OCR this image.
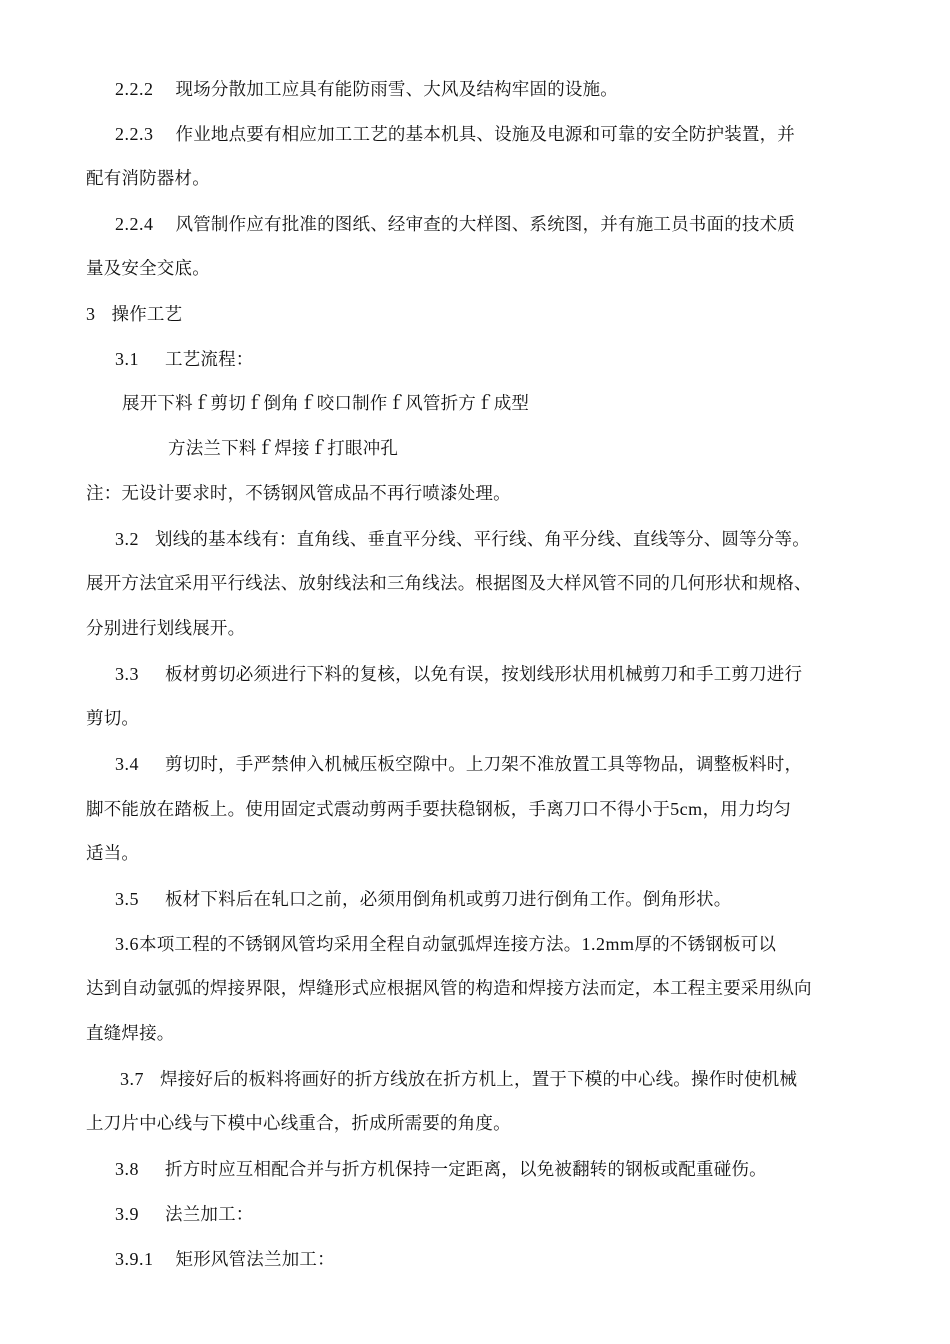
2.2.2 现场分散加工应具有能防雨雪、大风及结构牢固的设施。
2.2.3 作业地点要有相应加工工艺的基本机具、设施及电源和可靠的安全防护装置，并
配有消防器材。
2.2.4 风管制作应有批准的图纸、经审查的大样图、系统图，并有施工员书面的技术质
量及安全交底。
3 操作工艺
3.1 工艺流程：
展开下料ｆ剪切ｆ倒角ｆ咬口制作ｆ风管折方ｆ成型
方法兰下料ｆ焊接ｆ打眼冲孔
注：无设计要求时，不锈钢风管成品不再行喷漆处理。
3.2 划线的基本线有：直角线、垂直平分线、平行线、角平分线、直线等分、圆等分等。
展开方法宜采用平行线法、放射线法和三角线法。根据图及大样风管不同的几何形状和规格、
分别进行划线展开。
3.3 板材剪切必须进行下料的复核，以免有误，按划线形状用机械剪刀和手工剪刀进行
剪切。
3.4 剪切时，手严禁伸入机械压板空隙中。上刀架不准放置工具等物品，调整板料时，
脚不能放在踏板上。使用固定式震动剪两手要扶稳钢板，手离刀口不得小于5cm，用力均匀
适当。
3.5 板材下料后在轧口之前，必须用倒角机或剪刀进行倒角工作。倒角形状。
3.6本项工程的不锈钢风管均采用全程自动氩弧焊连接方法。1.2mm厚的不锈钢板可以
达到自动氩弧的焊接界限，焊缝形式应根据风管的构造和焊接方法而定，本工程主要采用纵向
直缝焊接。
3.7 焊接好后的板料将画好的折方线放在折方机上，置于下模的中心线。操作时使机械
上刀片中心线与下模中心线重合，折成所需要的角度。
3.8 折方时应互相配合并与折方机保持一定距离，以免被翻转的钢板或配重碰伤。
3.9 法兰加工：
3.9.1 矩形风管法兰加工：
